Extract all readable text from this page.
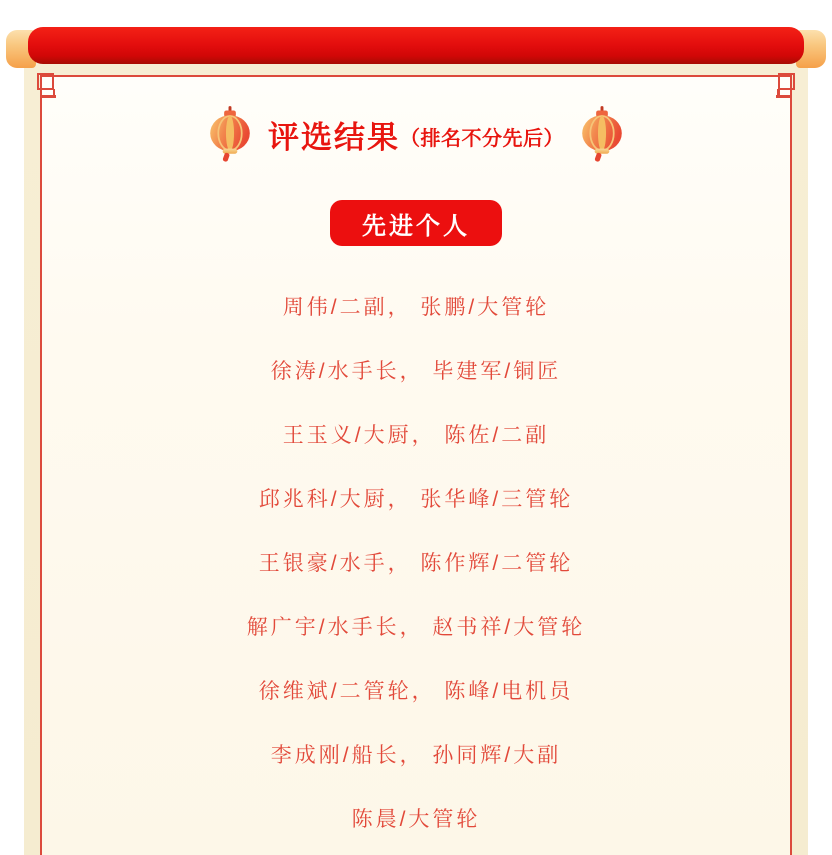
评选结果 （排名不分先后）
先进个人
周伟/二副， 张鹏/大管轮
徐涛/水手长， 毕建军/铜匠
王玉义/大厨， 陈佐/二副
邱兆科/大厨， 张华峰/三管轮
王银豪/水手， 陈作辉/二管轮
解广宇/水手长， 赵书祥/大管轮
徐维斌/二管轮， 陈峰/电机员
李成刚/船长， 孙同辉/大副
陈晨/大管轮
